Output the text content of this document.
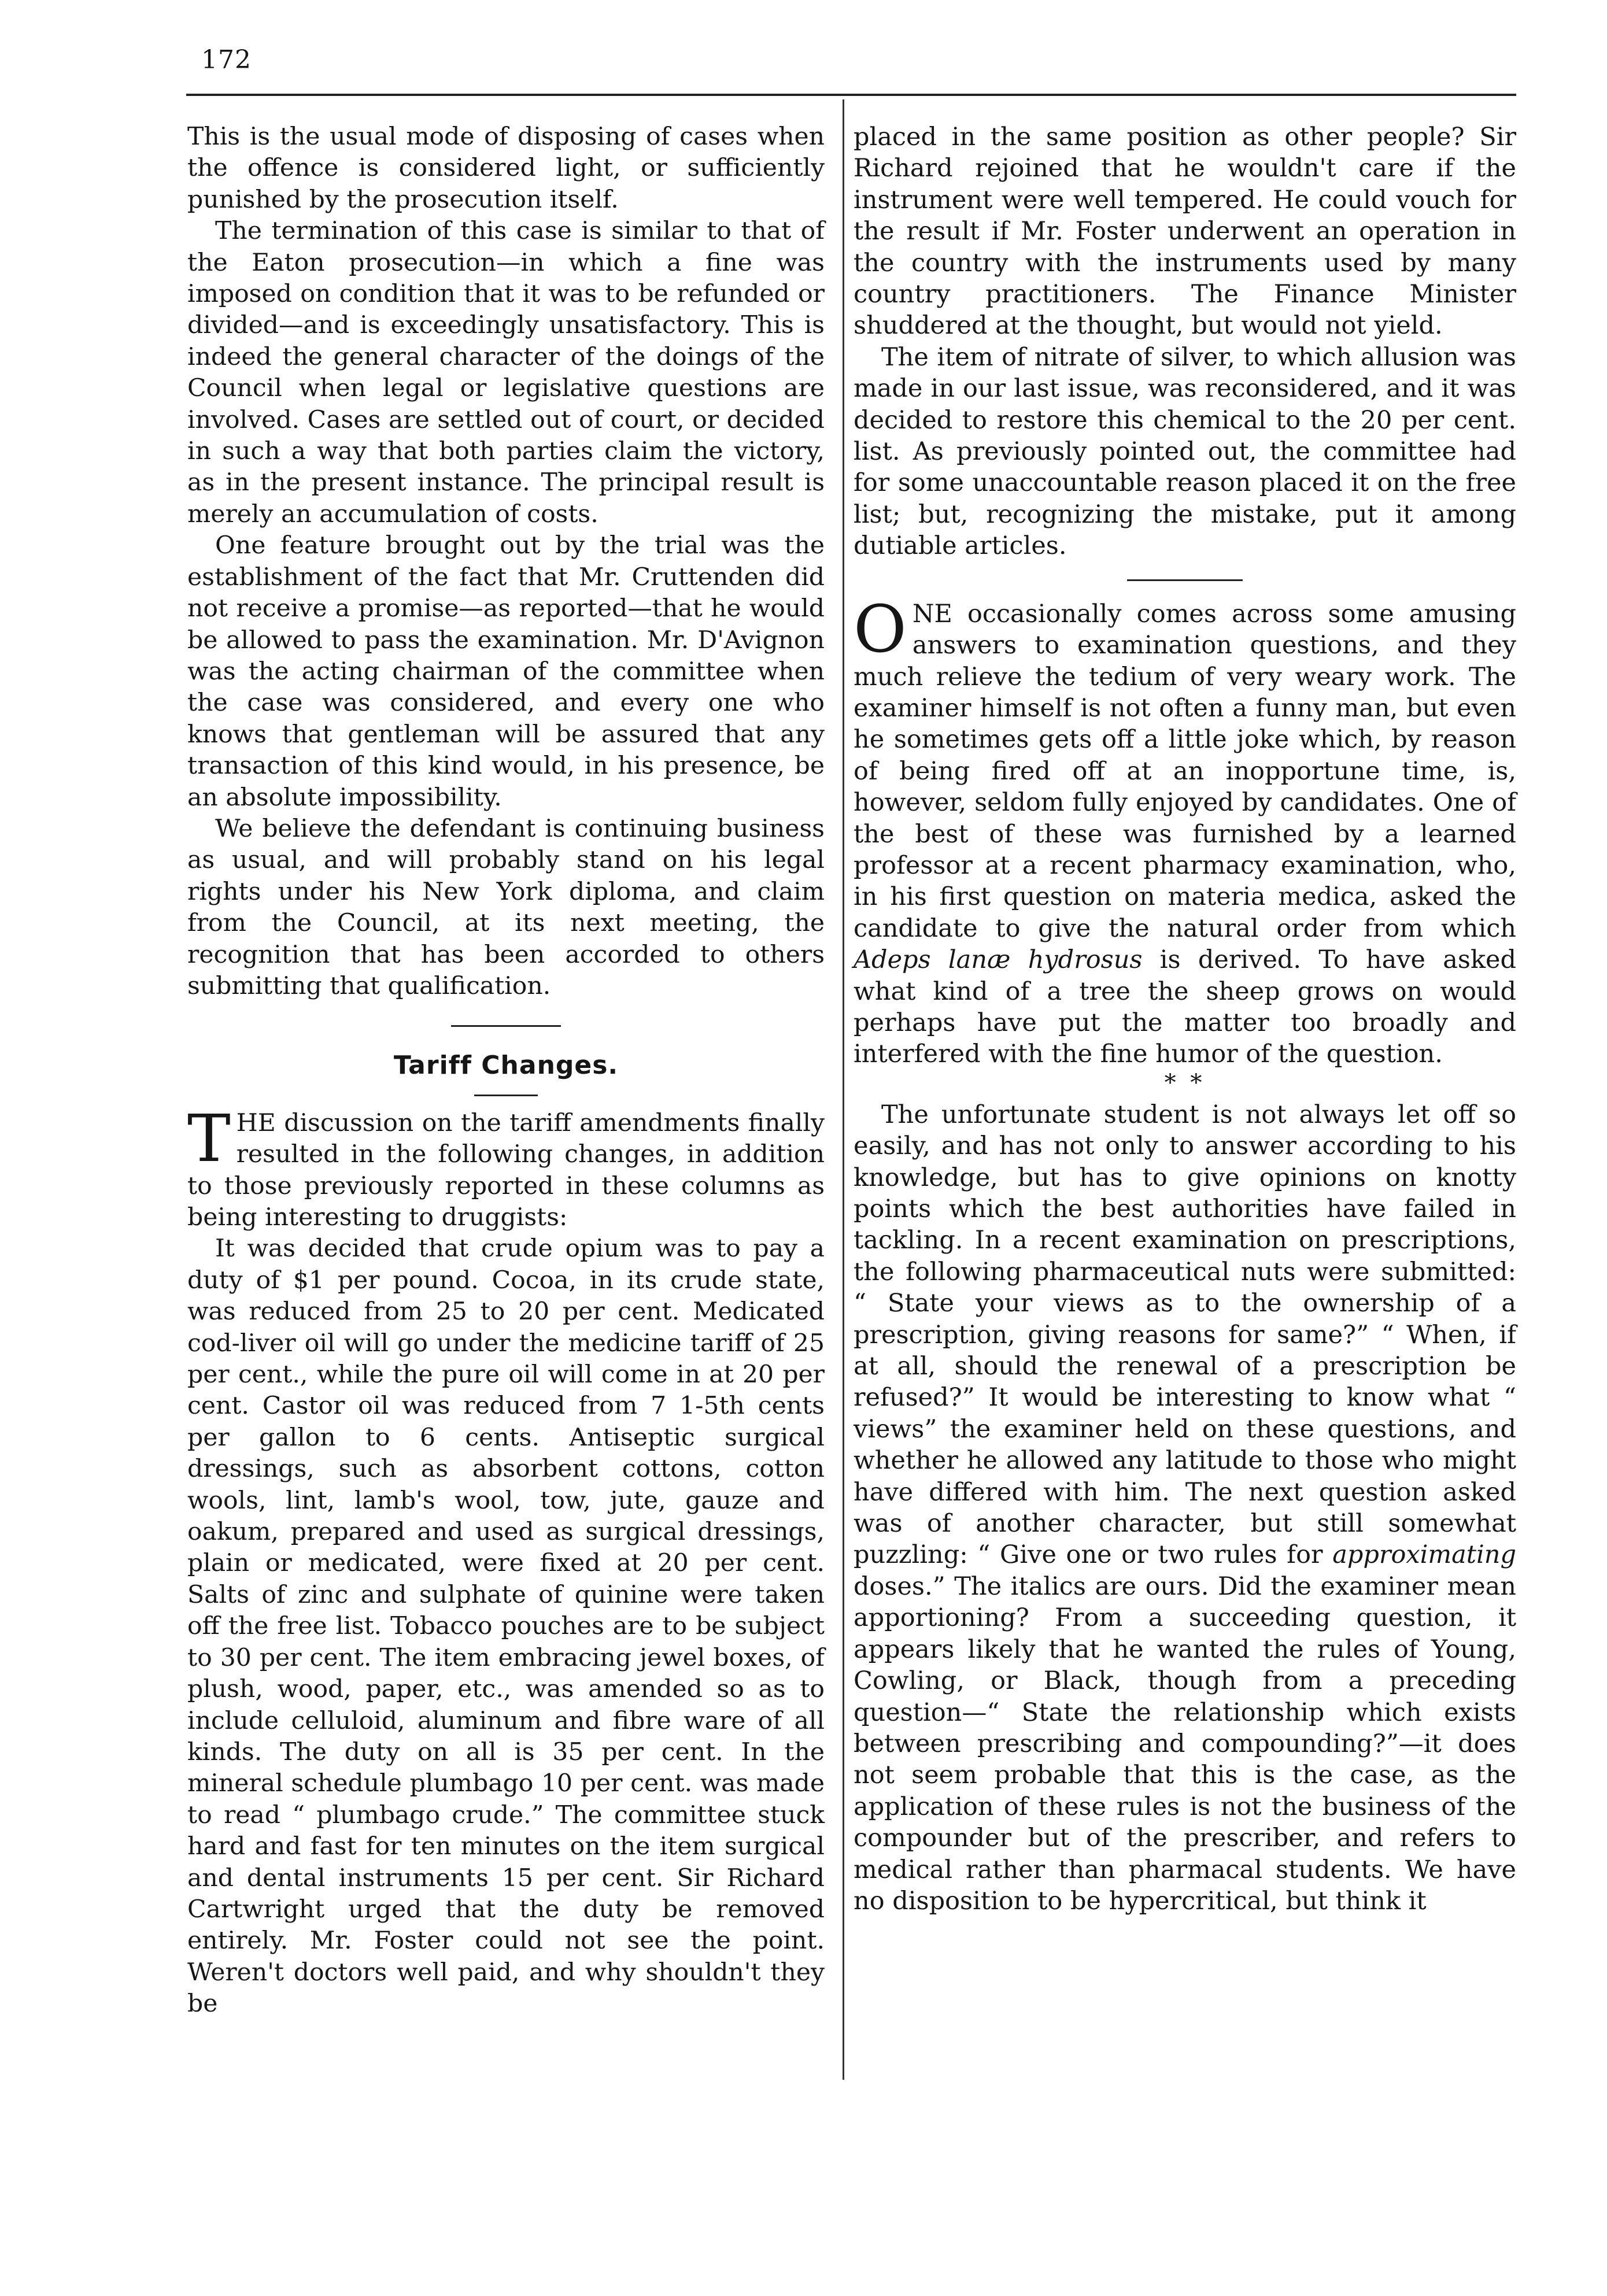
172

This is the usual mode of disposing of cases when the offence is considered light, or sufficiently punished by the prosecution itself.

The termination of this case is similar to that of the Eaton prosecution—in which a fine was imposed on condition that it was to be refunded or divided—and is exceedingly unsatisfactory. This is indeed the general character of the doings of the Council when legal or legislative questions are involved. Cases are settled out of court, or decided in such a way that both parties claim the victory, as in the present instance. The principal result is merely an accumulation of costs.

One feature brought out by the trial was the establishment of the fact that Mr. Cruttenden did not receive a promise—as reported—that he would be allowed to pass the examination. Mr. D'Avignon was the acting chairman of the committee when the case was considered, and every one who knows that gentleman will be assured that any transaction of this kind would, in his presence, be an absolute impossibility.

We believe the defendant is continuing business as usual, and will probably stand on his legal rights under his New York diploma, and claim from the Council, at its next meeting, the recognition that has been accorded to others submitting that qualification.

Tariff Changes.

THE discussion on the tariff amendments finally resulted in the following changes, in addition to those previously reported in these columns as being interesting to druggists:

It was decided that crude opium was to pay a duty of $1 per pound. Cocoa, in its crude state, was reduced from 25 to 20 per cent. Medicated cod-liver oil will go under the medicine tariff of 25 per cent., while the pure oil will come in at 20 per cent. Castor oil was reduced from 7 1-5th cents per gallon to 6 cents. Antiseptic surgical dressings, such as absorbent cottons, cotton wools, lint, lamb's wool, tow, jute, gauze and oakum, prepared and used as surgical dressings, plain or medicated, were fixed at 20 per cent. Salts of zinc and sulphate of quinine were taken off the free list. Tobacco pouches are to be subject to 30 per cent. The item embracing jewel boxes, of plush, wood, paper, etc., was amended so as to include celluloid, aluminum and fibre ware of all kinds. The duty on all is 35 per cent. In the mineral schedule plumbago 10 per cent. was made to read “ plumbago crude.” The committee stuck hard and fast for ten minutes on the item surgical and dental instruments 15 per cent. Sir Richard Cartwright urged that the duty be removed entirely. Mr. Foster could not see the point. Weren't doctors well paid, and why shouldn't they be

placed in the same position as other people? Sir Richard rejoined that he wouldn't care if the instrument were well tempered. He could vouch for the result if Mr. Foster underwent an operation in the country with the instruments used by many country practitioners. The Finance Minister shuddered at the thought, but would not yield.

The item of nitrate of silver, to which allusion was made in our last issue, was reconsidered, and it was decided to restore this chemical to the 20 per cent. list. As previously pointed out, the committee had for some unaccountable reason placed it on the free list; but, recognizing the mistake, put it among dutiable articles.

ONE occasionally comes across some amusing answers to examination questions, and they much relieve the tedium of very weary work. The examiner himself is not often a funny man, but even he sometimes gets off a little joke which, by reason of being fired off at an inopportune time, is, however, seldom fully enjoyed by candidates. One of the best of these was furnished by a learned professor at a recent pharmacy examination, who, in his first question on materia medica, asked the candidate to give the natural order from which Adeps lanæ hydrosus is derived. To have asked what kind of a tree the sheep grows on would perhaps have put the matter too broadly and interfered with the fine humor of the question.

* *

The unfortunate student is not always let off so easily, and has not only to answer according to his knowledge, but has to give opinions on knotty points which the best authorities have failed in tackling. In a recent examination on prescriptions, the following pharmaceutical nuts were submitted: “ State your views as to the ownership of a prescription, giving reasons for same?” “ When, if at all, should the renewal of a prescription be refused?” It would be interesting to know what “ views” the examiner held on these questions, and whether he allowed any latitude to those who might have differed with him. The next question asked was of another character, but still somewhat puzzling: “ Give one or two rules for approximating doses.” The italics are ours. Did the examiner mean apportioning? From a succeeding question, it appears likely that he wanted the rules of Young, Cowling, or Black, though from a preceding question—“ State the relationship which exists between prescribing and compounding?”—it does not seem probable that this is the case, as the application of these rules is not the business of the compounder but of the prescriber, and refers to medical rather than pharmacal students. We have no disposition to be hypercritical, but think it
